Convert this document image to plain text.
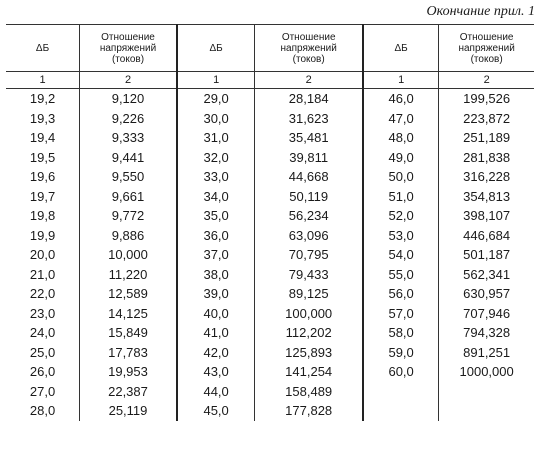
Окончание прил. 1
ΔБ	Отношение
напряжений
(токов)	ΔБ	Отношение
напряжений
(токов)	ΔБ	Отношение
напряжений
(токов)
1	2	1	2	1	2
19,2	9,120	29,0	28,184	46,0	199,526
19,3	9,226	30,0	31,623	47,0	223,872
19,4	9,333	31,0	35,481	48,0	251,189
19,5	9,441	32,0	39,811	49,0	281,838
19,6	9,550	33,0	44,668	50,0	316,228
19,7	9,661	34,0	50,119	51,0	354,813
19,8	9,772	35,0	56,234	52,0	398,107
19,9	9,886	36,0	63,096	53,0	446,684
20,0	10,000	37,0	70,795	54,0	501,187
21,0	11,220	38,0	79,433	55,0	562,341
22,0	12,589	39,0	89,125	56,0	630,957
23,0	14,125	40,0	100,000	57,0	707,946
24,0	15,849	41,0	112,202	58,0	794,328
25,0	17,783	42,0	125,893	59,0	891,251
26,0	19,953	43,0	141,254	60,0	1000,000
27,0	22,387	44,0	158,489		
28,0	25,119	45,0	177,828		
